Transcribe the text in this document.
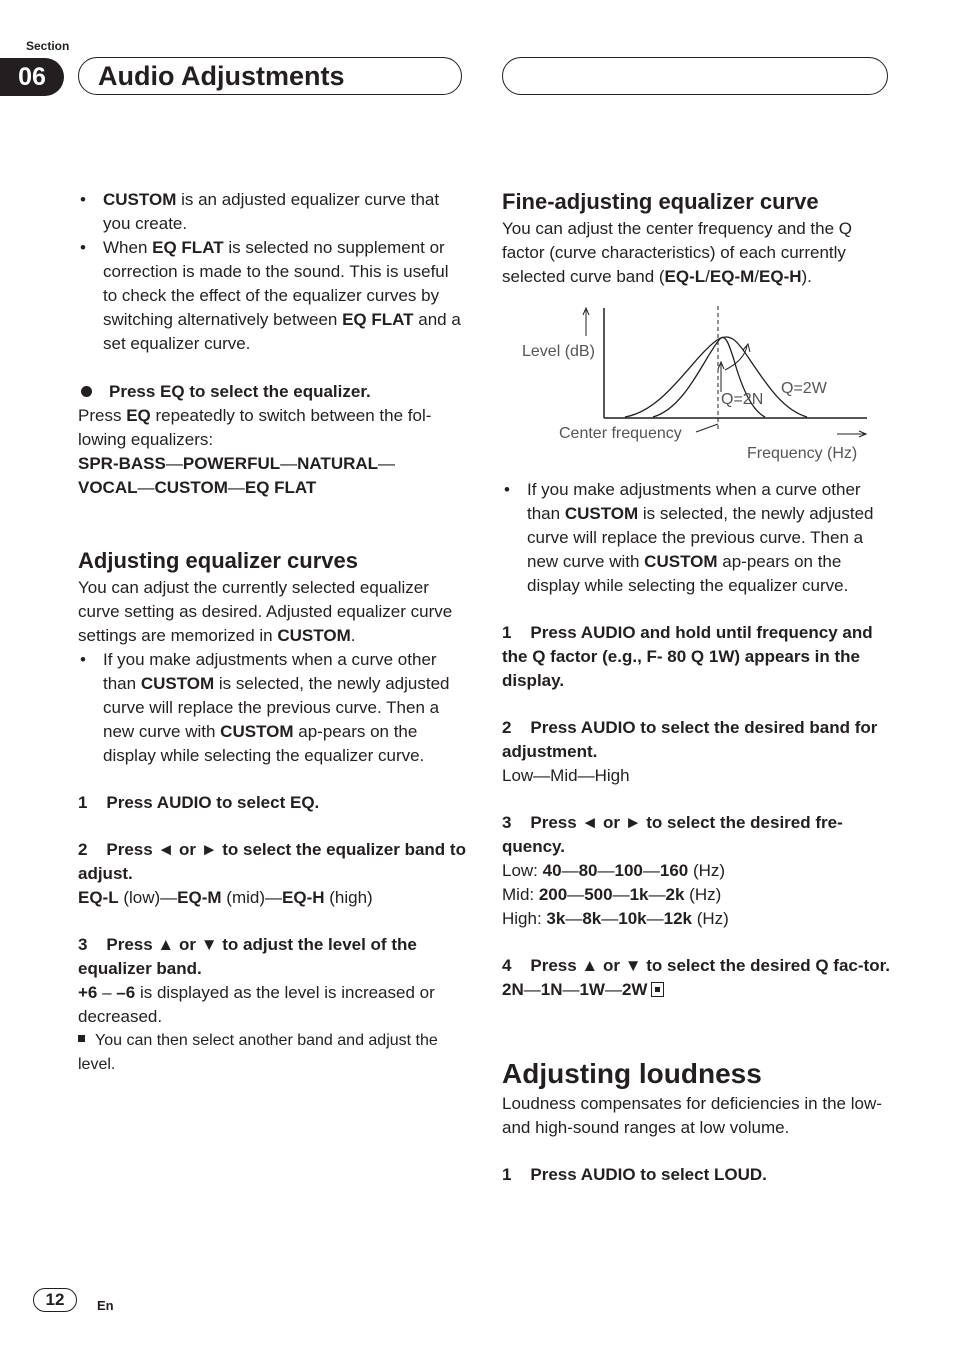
Section
06	Audio Adjustments

• CUSTOM is an adjusted equalizer curve that you create.

• When EQ FLAT is selected no supplement or correction is made to the sound. This is useful to check the effect of the equalizer curves by switching alternatively between EQ FLAT and a set equalizer curve.

Press EQ to select the equalizer.

Press EQ repeatedly to switch between the fol-lowing equalizers:

SPR-BASS—POWERFUL—NATURAL—
VOCAL—CUSTOM—EQ FLAT

Adjusting equalizer curves

You can adjust the currently selected equalizer curve setting as desired. Adjusted equalizer curve settings are memorized in CUSTOM.

• If you make adjustments when a curve other than CUSTOM is selected, the newly adjusted curve will replace the previous curve. Then a new curve with CUSTOM ap-pears on the display while selecting the equalizer curve.

1 Press AUDIO to select EQ.

2 Press ◄ or ► to select the equalizer band to adjust.

EQ-L (low)—EQ-M (mid)—EQ-H (high)

3 Press ▲ or ▼ to adjust the level of the equalizer band.

+6 – –6 is displayed as the level is increased or decreased.

You can then select another band and adjust the level.

Fine-adjusting equalizer curve

You can adjust the center frequency and the Q factor (curve characteristics) of each currently selected curve band (EQ-L/EQ-M/EQ-H).

Level (dB)
Center frequency
Frequency (Hz)
Q=2N
Q=2W

• If you make adjustments when a curve other than CUSTOM is selected, the newly adjusted curve will replace the previous curve. Then a new curve with CUSTOM ap-pears on the display while selecting the equalizer curve.

1 Press AUDIO and hold until frequency and the Q factor (e.g., F- 80 Q 1W) appears in the display.

2 Press AUDIO to select the desired band for adjustment.

Low—Mid—High

3 Press ◄ or ► to select the desired fre-quency.

Low: 40—80—100—160 (Hz)

Mid: 200—500—1k—2k (Hz)

High: 3k—8k—10k—12k (Hz)

4 Press ▲ or ▼ to select the desired Q fac-tor.

2N—1N—1W—2W

Adjusting loudness

Loudness compensates for deficiencies in the low- and high-sound ranges at low volume.

1 Press AUDIO to select LOUD.

12	En
